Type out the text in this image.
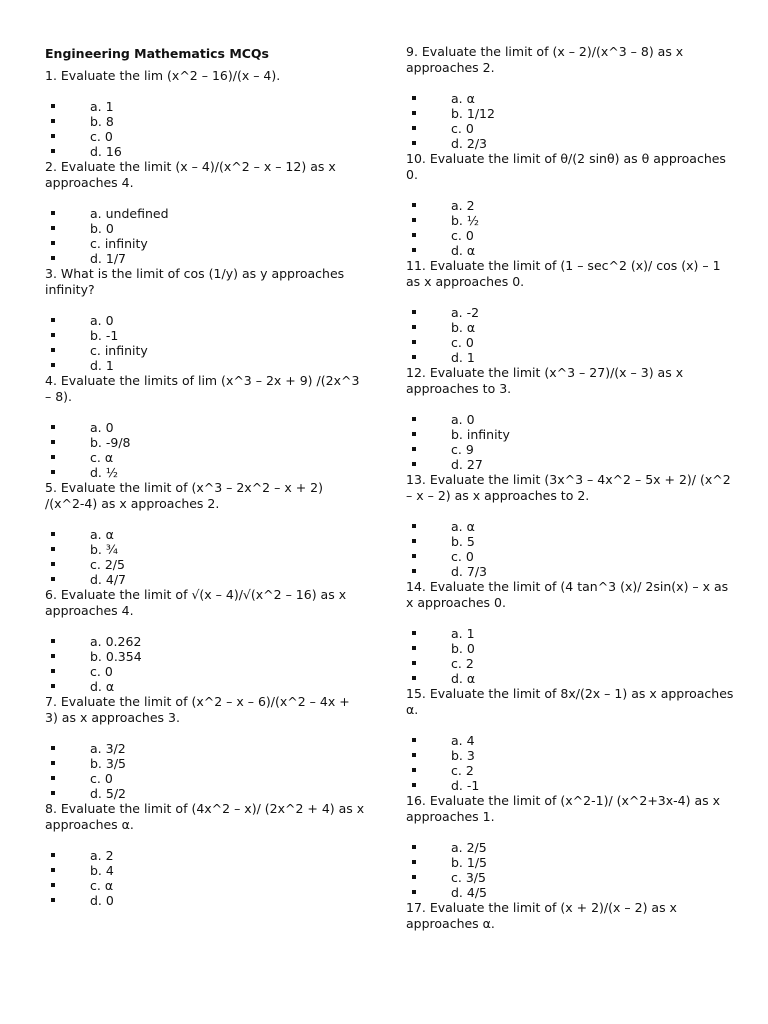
Engineering Mathematics MCQs
1. Evaluate the lim (x^2 – 16)/(x – 4).
a. 1
b. 8
c. 0
d. 16
2. Evaluate the limit (x – 4)/(x^2 – x – 12) as x approaches 4.
a. undefined
b. 0
c. infinity
d. 1/7
3. What is the limit of cos (1/y) as y approaches infinity?
a. 0
b. -1
c. infinity
d. 1
4. Evaluate the limits of lim (x^3 – 2x + 9) /(2x^3 – 8).
a. 0
b. -9/8
c. α
d. ½
5. Evaluate the limit of (x^3 – 2x^2 – x + 2) /(x^2-4) as x approaches 2.
a. α
b. ¾
c. 2/5
d. 4/7
6. Evaluate the limit of √(x – 4)/√(x^2 – 16) as x approaches 4.
a. 0.262
b. 0.354
c. 0
d. α
7. Evaluate the limit of (x^2 – x – 6)/(x^2 – 4x + 3) as x approaches 3.
a. 3/2
b. 3/5
c. 0
d. 5/2
8. Evaluate the limit of (4x^2 – x)/ (2x^2 + 4) as x approaches α.
a. 2
b. 4
c. α
d. 0
9. Evaluate the limit of (x – 2)/(x^3 – 8) as x approaches 2.
a. α
b. 1/12
c. 0
d. 2/3
10. Evaluate the limit of θ/(2 sinθ) as θ approaches 0.
a. 2
b. ½
c. 0
d. α
11. Evaluate the limit of (1 – sec^2 (x)/ cos (x) – 1 as x approaches 0.
a. -2
b. α
c. 0
d. 1
12. Evaluate the limit (x^3 – 27)/(x – 3) as x approaches to 3.
a. 0
b. infinity
c. 9
d. 27
13. Evaluate the limit (3x^3 – 4x^2 – 5x + 2)/ (x^2 – x – 2) as x approaches to 2.
a. α
b. 5
c. 0
d. 7/3
14. Evaluate the limit of (4 tan^3 (x)/ 2sin(x) – x as x approaches 0.
a. 1
b. 0
c. 2
d. α
15. Evaluate the limit of 8x/(2x – 1) as x approaches α.
a. 4
b. 3
c. 2
d. -1
16. Evaluate the limit of (x^2-1)/ (x^2+3x-4) as x approaches 1.
a. 2/5
b. 1/5
c. 3/5
d. 4/5
17. Evaluate the limit of (x + 2)/(x – 2) as x approaches α.
